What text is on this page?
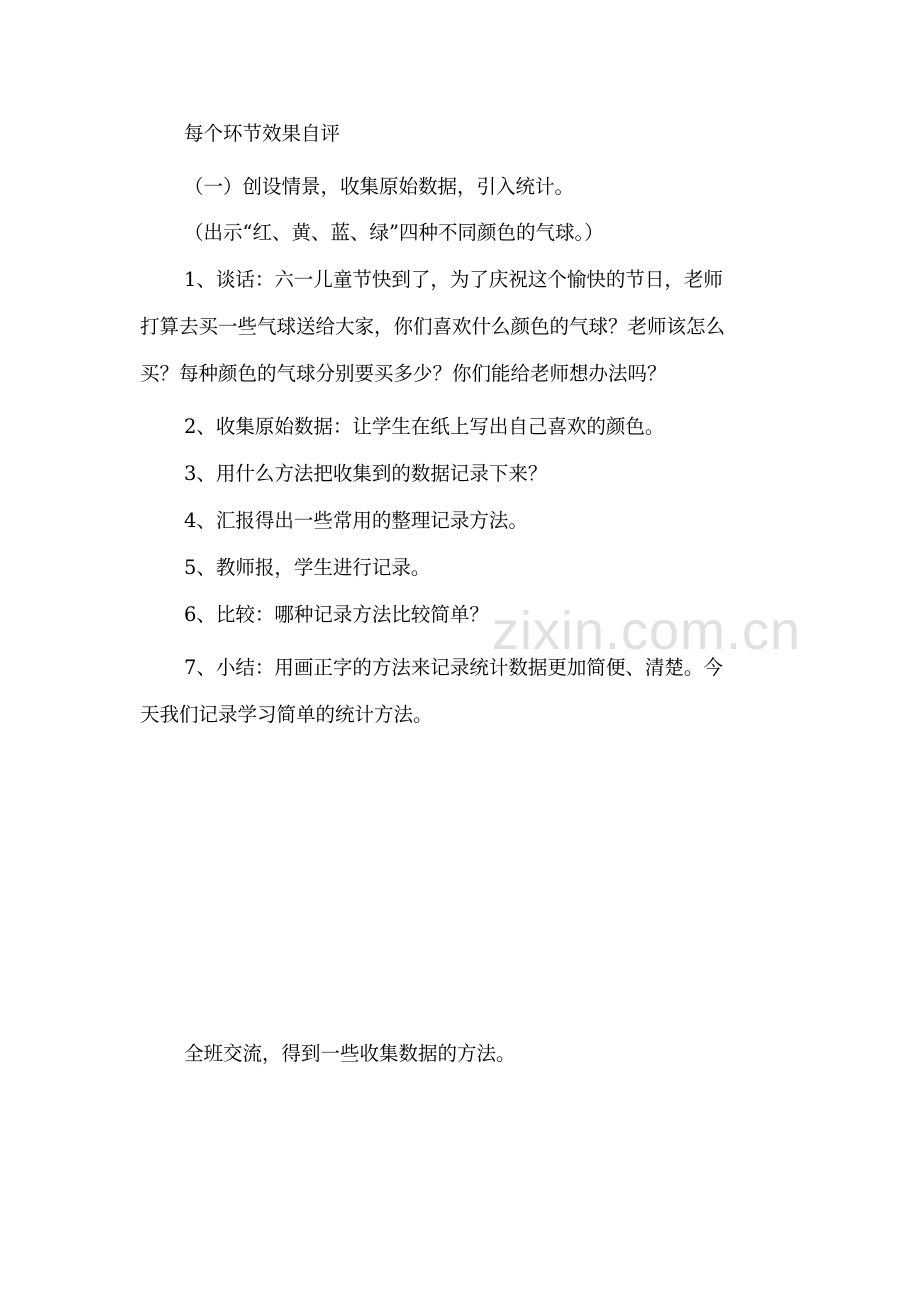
每个环节效果自评
（一）创设情景，收集原始数据，引入统计。
（出示“红、黄、蓝、绿”四种不同颜色的气球。）
1、谈话：六一儿童节快到了，为了庆祝这个愉快的节日，老师
打算去买一些气球送给大家，你们喜欢什么颜色的气球？老师该怎么
买？每种颜色的气球分别要买多少？你们能给老师想办法吗？
2、收集原始数据：让学生在纸上写出自己喜欢的颜色。
3、用什么方法把收集到的数据记录下来？
4、汇报得出一些常用的整理记录方法。
5、教师报，学生进行记录。
6、比较：哪种记录方法比较简单？ zixin.com.cn
7、小结：用画正字的方法来记录统计数据更加简便、清楚。今
天我们记录学习简单的统计方法。
全班交流，得到一些收集数据的方法。
